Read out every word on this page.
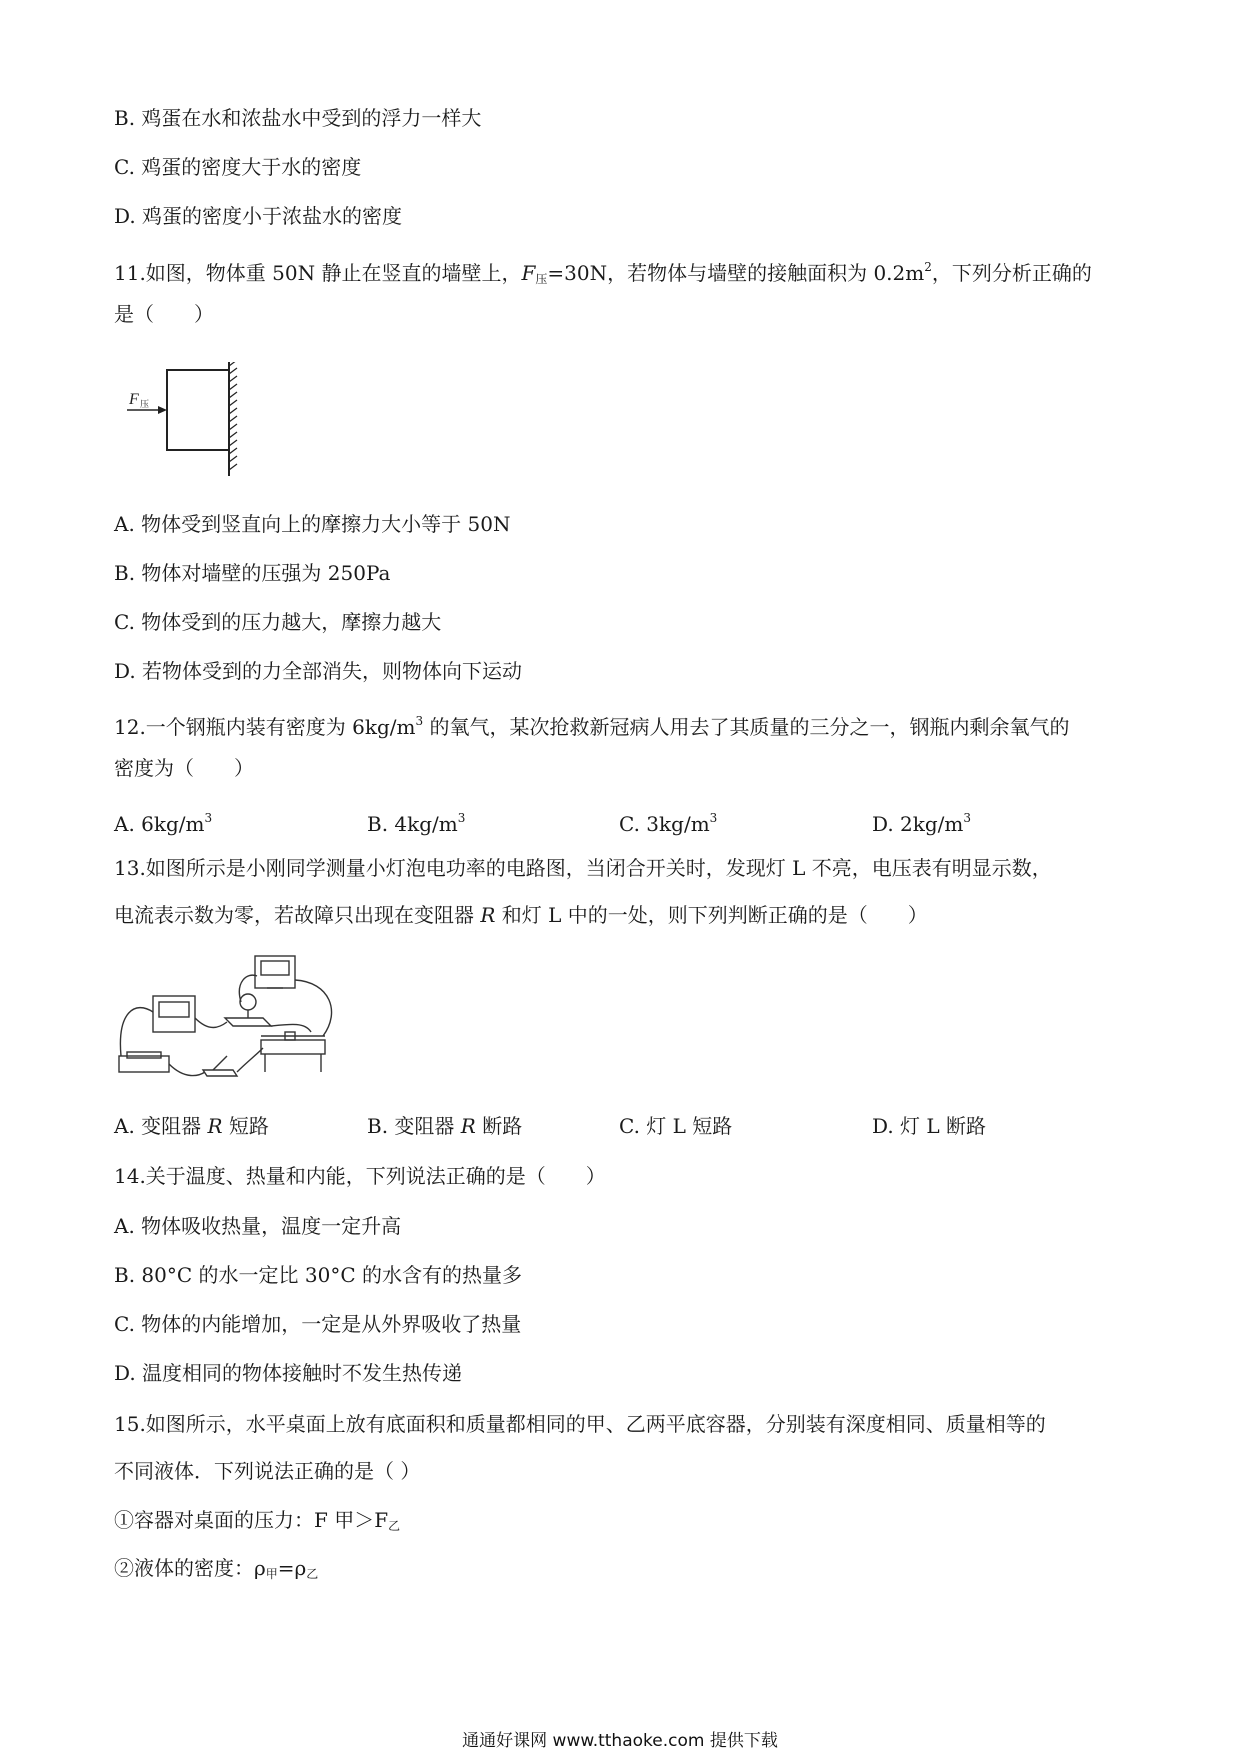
B. 鸡蛋在水和浓盐水中受到的浮力一样大
C. 鸡蛋的密度大于水的密度
D. 鸡蛋的密度小于浓盐水的密度
11.如图，物体重 50N 静止在竖直的墙壁上，$F_压=30N$，若物体与墙壁的接触面积为 $0.2m^2$，下列分析正确的
是（　　）
F 压
A. 物体受到竖直向上的摩擦力大小等于 50N
B. 物体对墙壁的压强为 250Pa
C. 物体受到的压力越大，摩擦力越大
D. 若物体受到的力全部消失，则物体向下运动
12.一个钢瓶内装有密度为 $6kg/m^3$ 的氧气，某次抢救新冠病人用去了其质量的三分之一，钢瓶内剩余氧气的
密度为（　　）
A. $6kg/m^3$	B. $4kg/m^3$	C. $3kg/m^3$	D. $2kg/m^3$
13.如图所示是小刚同学测量小灯泡电功率的电路图，当闭合开关时，发现灯 L 不亮，电压表有明显示数，
电流表示数为零，若故障只出现在变阻器 R 和灯 L 中的一处，则下列判断正确的是（　　）
A. 变阻器 R 短路	B. 变阻器 R 断路	C. 灯 L 短路	D. 灯 L 断路
14.关于温度、热量和内能，下列说法正确的是（　　）
A. 物体吸收热量，温度一定升高
B. 80°C 的水一定比 30°C 的水含有的热量多
C. 物体的内能增加，一定是从外界吸收了热量
D. 温度相同的物体接触时不发生热传递
15.如图所示，水平桌面上放有底面积和质量都相同的甲、乙两平底容器，分别装有深度相同、质量相等的
不同液体．下列说法正确的是（ ）
①容器对桌面的压力：F 甲$>F_乙$
②液体的密度：$\rho_甲=\rho_乙$
通通好课网 www.tthaoke.com 提供下载
